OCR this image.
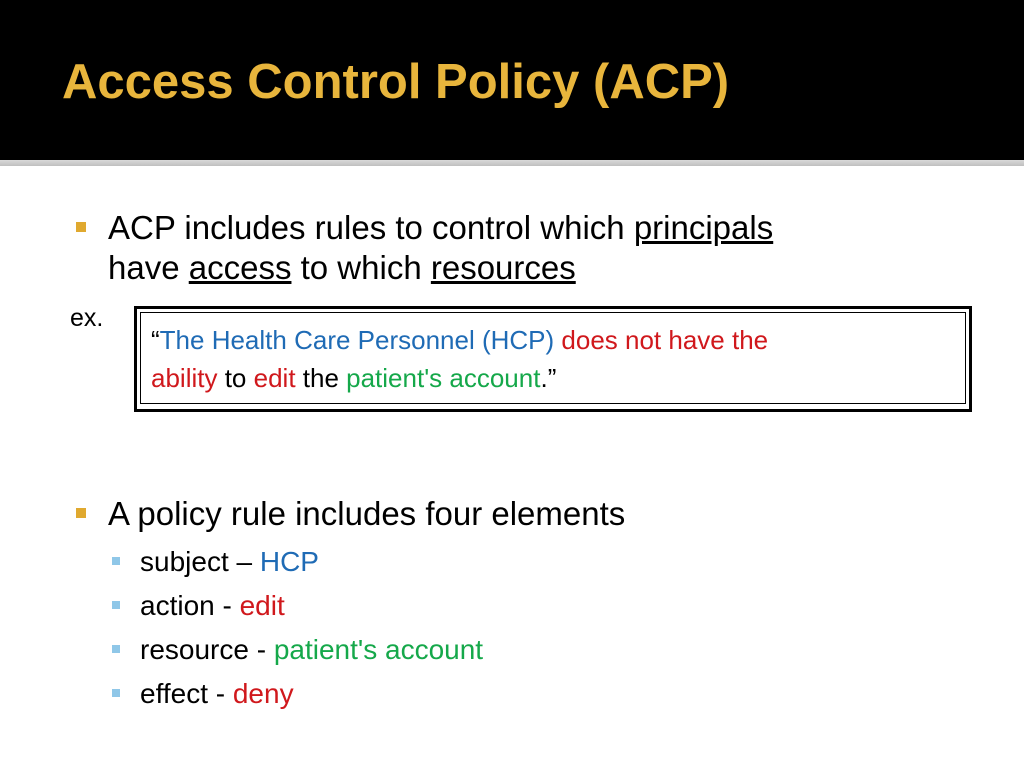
Access Control Policy (ACP)
ACP includes rules to control which principals
have access to which resources
ex.
“The Health Care Personnel (HCP) does not have the
ability to edit the patient's account.”
A policy rule includes four elements
subject – HCP
action - edit
resource - patient's account
effect - deny
